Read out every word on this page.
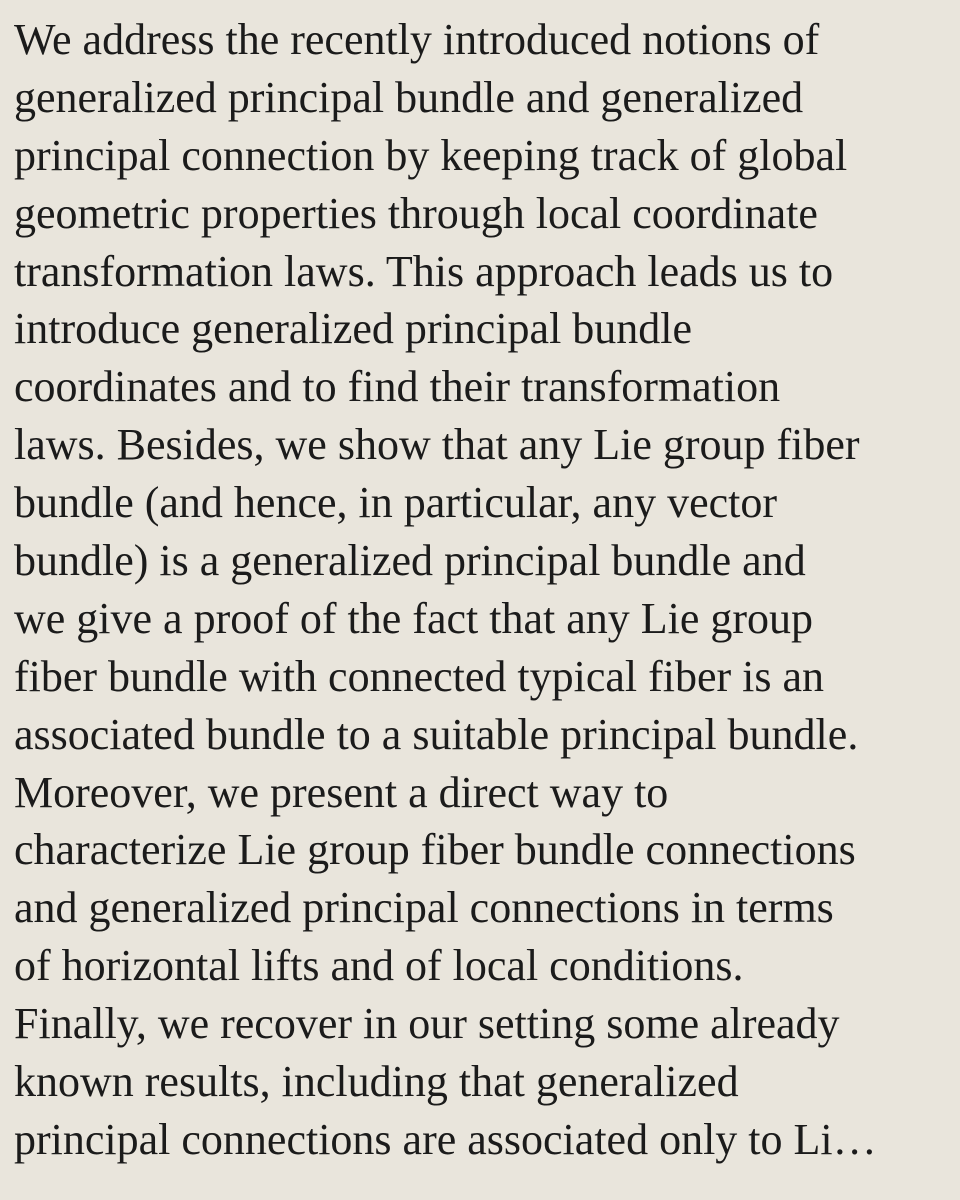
We address the recently introduced notions of
generalized principal bundle and generalized
principal connection by keeping track of global
geometric properties through local coordinate
transformation laws. This approach leads us to
introduce generalized principal bundle
coordinates and to find their transformation
laws. Besides, we show that any Lie group fiber
bundle (and hence, in particular, any vector
bundle) is a generalized principal bundle and
we give a proof of the fact that any Lie group
fiber bundle with connected typical fiber is an
associated bundle to a suitable principal bundle.
Moreover, we present a direct way to
characterize Lie group fiber bundle connections
and generalized principal connections in terms
of horizontal lifts and of local conditions.
Finally, we recover in our setting some already
known results, including that generalized
principal connections are associated only to Li…
